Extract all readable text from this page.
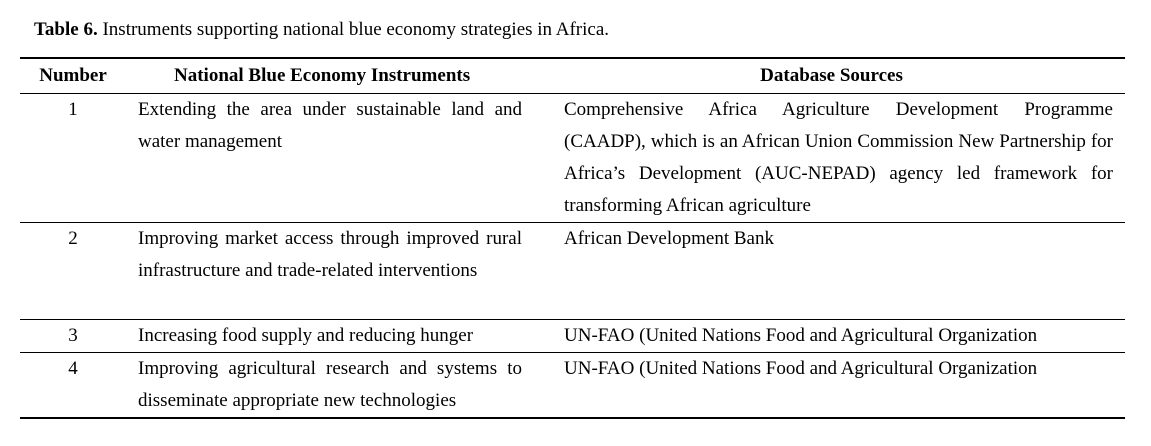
Table 6. Instruments supporting national blue economy strategies in Africa.
Number	National Blue Economy Instruments	Database Sources
1	Extending the area under sustainable land and water management	Comprehensive Africa Agriculture Development Programme (CAADP), which is an African Union Commission New Partnership for Africa’s Development (AUC-NEPAD) agency led framework for transforming African agriculture
2	Improving market access through improved rural infrastructure and trade-related interventions	African Development Bank
3	Increasing food supply and reducing hunger	UN-FAO (United Nations Food and Agricultural Organization
4	Improving agricultural research and systems to disseminate appropriate new technologies	UN-FAO (United Nations Food and Agricultural Organization
